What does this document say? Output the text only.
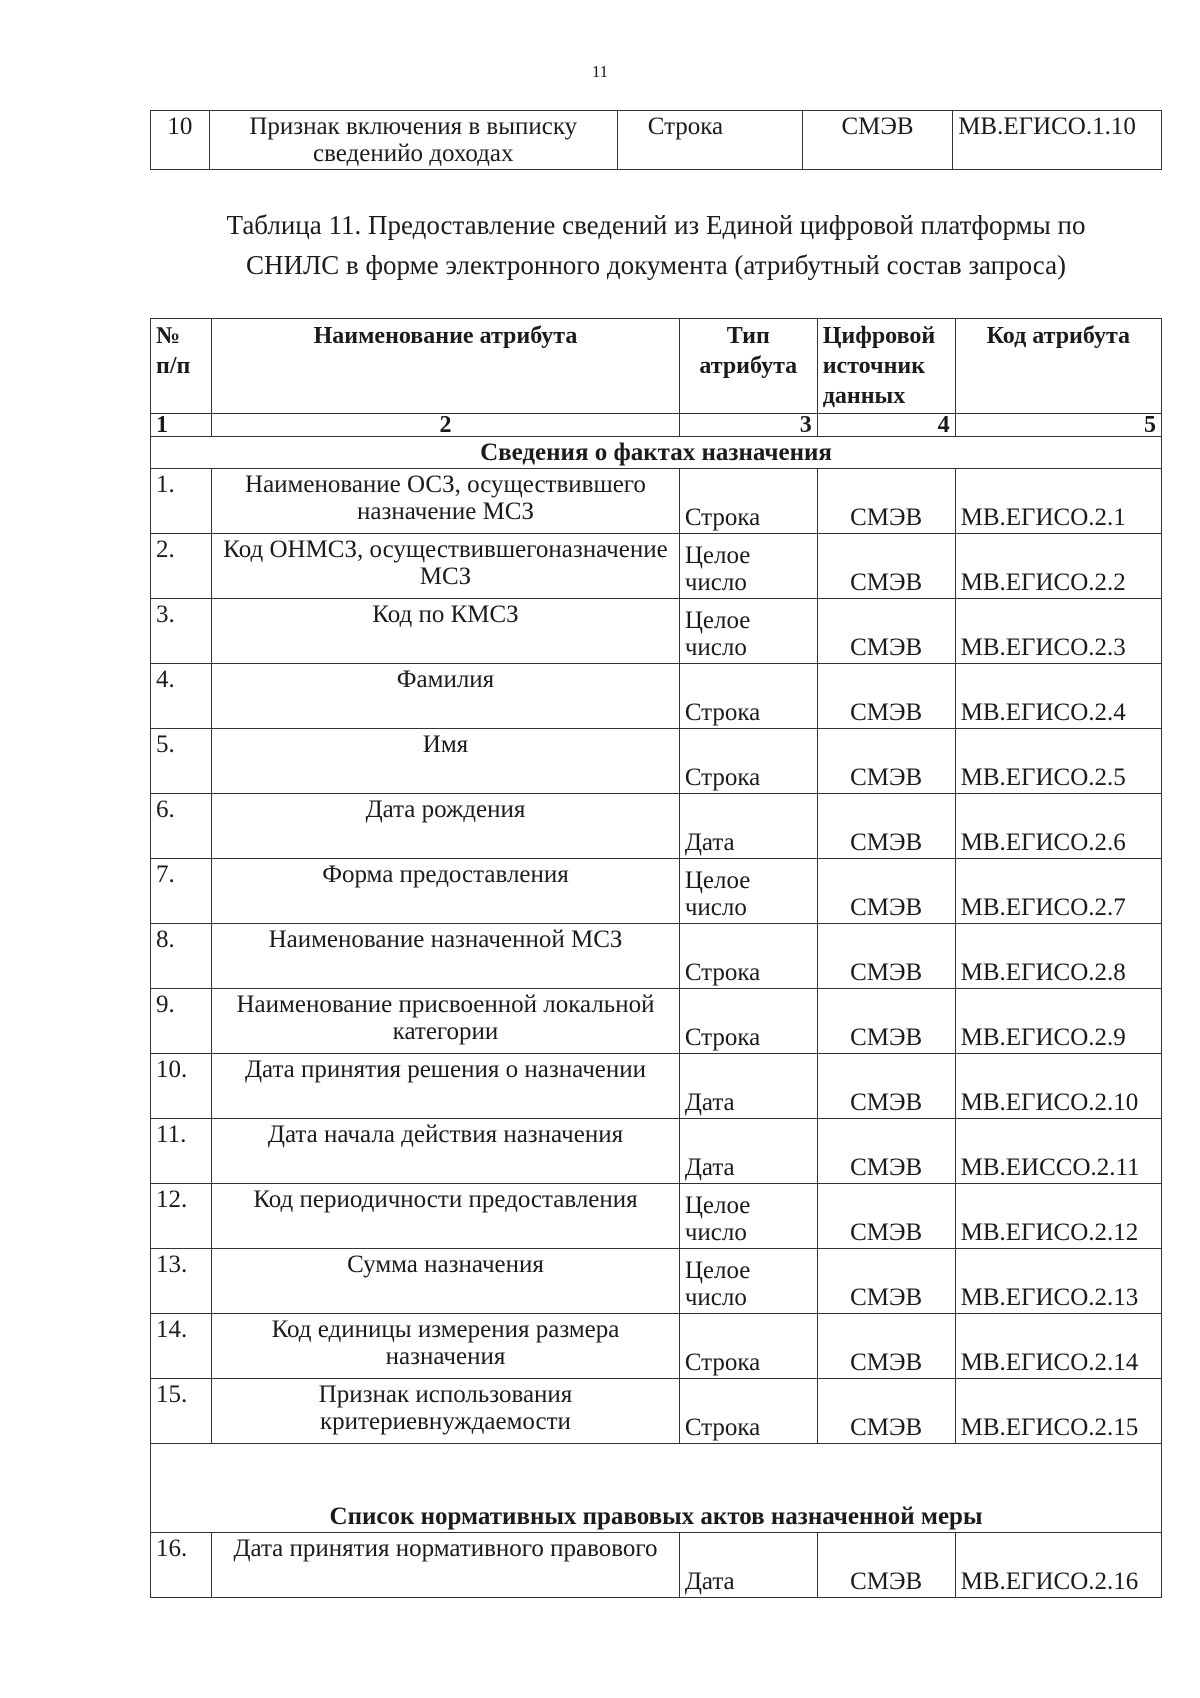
11
10	Признак включения в выписку сведенийо доходах	Строка	СМЭВ	МВ.ЕГИСО.1.10
Таблица 11. Предоставление сведений из Единой цифровой платформы по
СНИЛС в форме электронного документа (атрибутный состав запроса)
№ п/п	Наименование атрибута	Тип атрибута	Цифровой источник данных	Код атрибута
1	2	3	4	5
Сведения о фактах назначения				
1.	Наименование ОСЗ, осуществившего назначение МСЗ	Строка	СМЭВ	МВ.ЕГИСО.2.1
2.	Код ОНМСЗ, осуществившегоназначение МСЗ	Целое число	СМЭВ	МВ.ЕГИСО.2.2
3.	Код по КМСЗ	Целое число	СМЭВ	МВ.ЕГИСО.2.3
4.	Фамилия	Строка	СМЭВ	МВ.ЕГИСО.2.4
5.	Имя	Строка	СМЭВ	МВ.ЕГИСО.2.5
6.	Дата рождения	Дата	СМЭВ	МВ.ЕГИСО.2.6
7.	Форма предоставления	Целое число	СМЭВ	МВ.ЕГИСО.2.7
8.	Наименование назначенной МСЗ	Строка	СМЭВ	МВ.ЕГИСО.2.8
9.	Наименование присвоенной локальной категории	Строка	СМЭВ	МВ.ЕГИСО.2.9
10.	Дата принятия решения о назначении	Дата	СМЭВ	МВ.ЕГИСО.2.10
11.	Дата начала действия назначения	Дата	СМЭВ	МВ.ЕИССО.2.11
12.	Код периодичности предоставления	Целое число	СМЭВ	МВ.ЕГИСО.2.12
13.	Сумма назначения	Целое число	СМЭВ	МВ.ЕГИСО.2.13
14.	Код единицы измерения размера назначения	Строка	СМЭВ	МВ.ЕГИСО.2.14
15.	Признак использования критериевнуждаемости	Строка	СМЭВ	МВ.ЕГИСО.2.15
Список нормативных правовых актов назначенной меры				
16.	Дата принятия нормативного правового	Дата	СМЭВ	МВ.ЕГИСО.2.16
